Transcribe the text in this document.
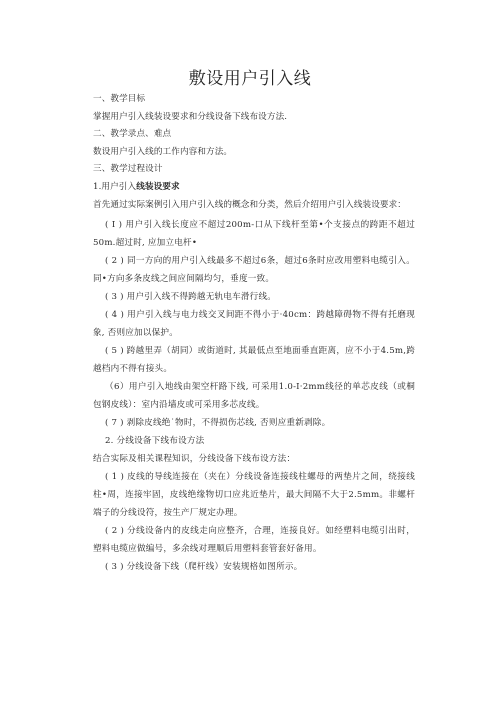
敷设用户引入线
一、教学目标
掌握用户引入线装设要求和分线设备下线布设方法.
二、教学录点、难点
数设用户引入线的工作内容和方法。
三、教学过程设计
1.用户引入线装设要求
首先通过实际案例引入用户引入线的概念和分类，然后介绍用户引入线装设要求：
( I ) 用户引入线长度应不超过200m-口从下线杆至第•个支接点的跨距不超过50m.超过时, 应加立电杆•
( 2 ) 同一方向的用户引入线最多不超过6条，超过6条时应改用塑料电缆引入。同•方向多条皮线之间应间隔均匀，垂度一致。
( 3 ) 用户引入线不得跨越无轨电车滑行线。
( 4 ) 用户引入线与电力线交叉间距不得小于·40cm：跨越障碍物不得有托磨现象, 否则应加以保护。
( 5 ) 跨越里弄（胡同）或街道时, 其最低点至地面垂直距离，应不小于4.5m,跨越档内不得有接头。
（6）用户引入地线由架空杆路下线, 可采用1.0-I·2mm线径的单芯皮线（或桐包钢皮线）：室内沿墙皮或可采用多芯皮线。
( 7 ) 剥除皮线绝˙物时，不得损伤芯线, 否则应重新剥除。
2. 分线设备下线布设方法
结合实际及相关课程知识，分线设备下线布设方法：
( 1 ) 皮线的导线连接在（夹在）分线设备连接线柱螺母的两垫片之间，绕接线柱•周，连接牢固，皮线绝缘物切口应兆近垫片，最大间隔不大于2.5mm。非螺杆端子的分线设符，按生产厂规定办理。
( 2 ) 分线设备内的皮线走向应整齐，合理，连接良好。如经塑料电缆引出时，塑料电缆应做编号，多余线对理顺后用塑料套管套好备用。
( 3 ) 分线设备下线（爬杆线）安装规格如图所示。
